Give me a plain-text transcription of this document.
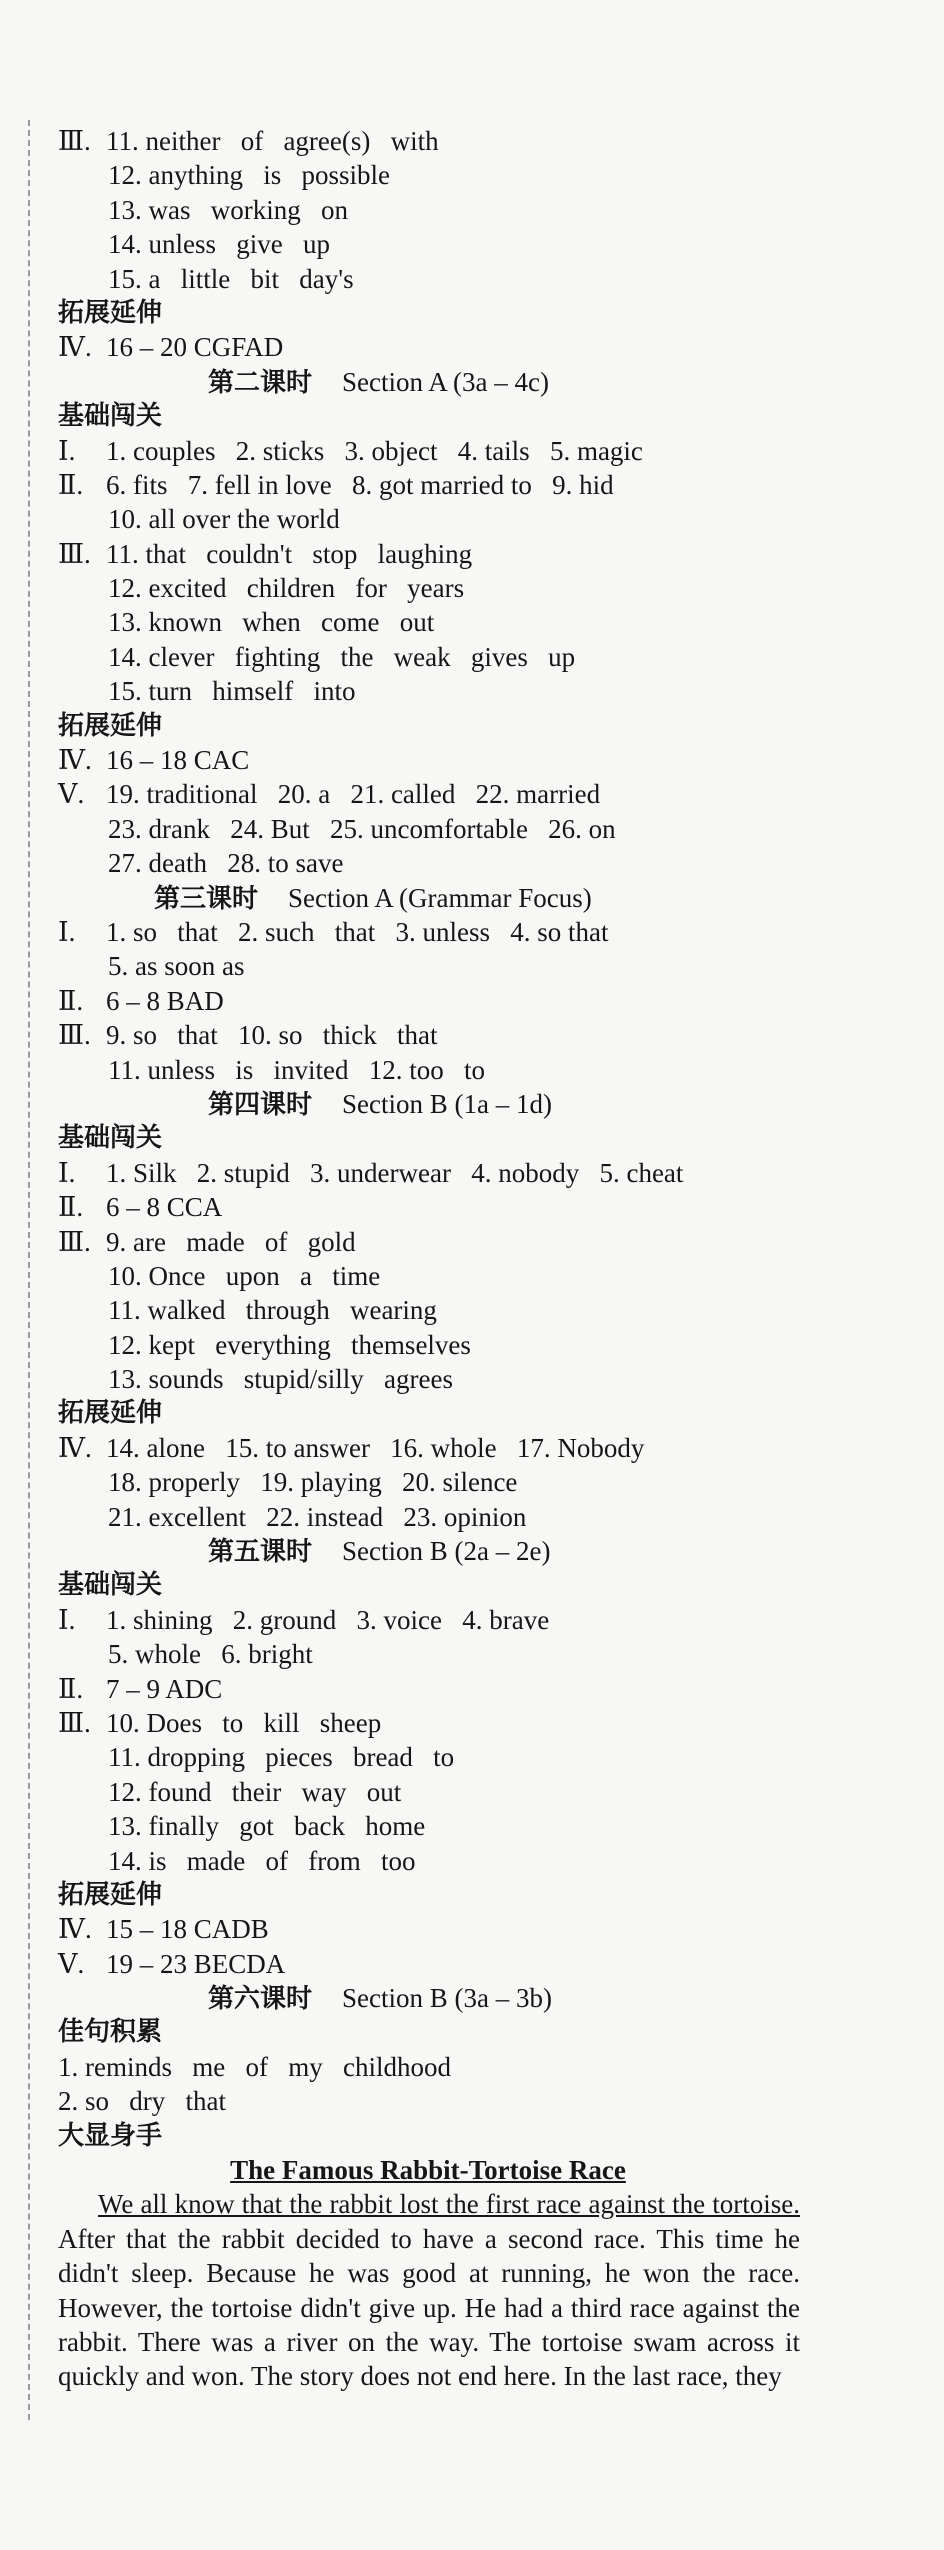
Ⅲ. 11. neither   of   agree(s)   with
12. anything   is   possible
13. was   working   on
14. unless   give   up
15. a   little   bit   day's
拓展延伸
Ⅳ. 16 – 20 CGFAD
第二课时 Section A (3a – 4c)
基础闯关
Ⅰ. 1. couples   2. sticks   3. object   4. tails   5. magic
Ⅱ. 6. fits   7. fell in love   8. got married to   9. hid
10. all over the world
Ⅲ. 11. that   couldn't   stop   laughing
12. excited   children   for   years
13. known   when   come   out
14. clever   fighting   the   weak   gives   up
15. turn   himself   into
拓展延伸
Ⅳ. 16 – 18 CAC
Ⅴ. 19. traditional   20. a   21. called   22. married
23. drank   24. But   25. uncomfortable   26. on
27. death   28. to save
第三课时 Section A (Grammar Focus)
Ⅰ. 1. so   that   2. such   that   3. unless   4. so that
5. as soon as
Ⅱ. 6 – 8 BAD
Ⅲ. 9. so   that   10. so   thick   that
11. unless   is   invited   12. too   to
第四课时 Section B (1a – 1d)
基础闯关
Ⅰ. 1. Silk   2. stupid   3. underwear   4. nobody   5. cheat
Ⅱ. 6 – 8 CCA
Ⅲ. 9. are   made   of   gold
10. Once   upon   a   time
11. walked   through   wearing
12. kept   everything   themselves
13. sounds   stupid/silly   agrees
拓展延伸
Ⅳ. 14. alone   15. to answer   16. whole   17. Nobody
18. properly   19. playing   20. silence
21. excellent   22. instead   23. opinion
第五课时 Section B (2a – 2e)
基础闯关
Ⅰ. 1. shining   2. ground   3. voice   4. brave
5. whole   6. bright
Ⅱ. 7 – 9 ADC
Ⅲ. 10. Does   to   kill   sheep
11. dropping   pieces   bread   to
12. found   their   way   out
13. finally   got   back   home
14. is   made   of   from   too
拓展延伸
Ⅳ. 15 – 18 CADB
Ⅴ. 19 – 23 BECDA
第六课时 Section B (3a – 3b)
佳句积累
1. reminds   me   of   my   childhood
2. so   dry   that
大显身手
The Famous Rabbit-Tortoise Race

We all know that the rabbit lost the first race against the tortoise. After that the rabbit decided to have a second race. This time he didn't sleep. Because he was good at running, he won the race. However, the tortoise didn't give up. He had a third race against the rabbit. There was a river on the way. The tortoise swam across it quickly and won. The story does not end here. In the last race, they
